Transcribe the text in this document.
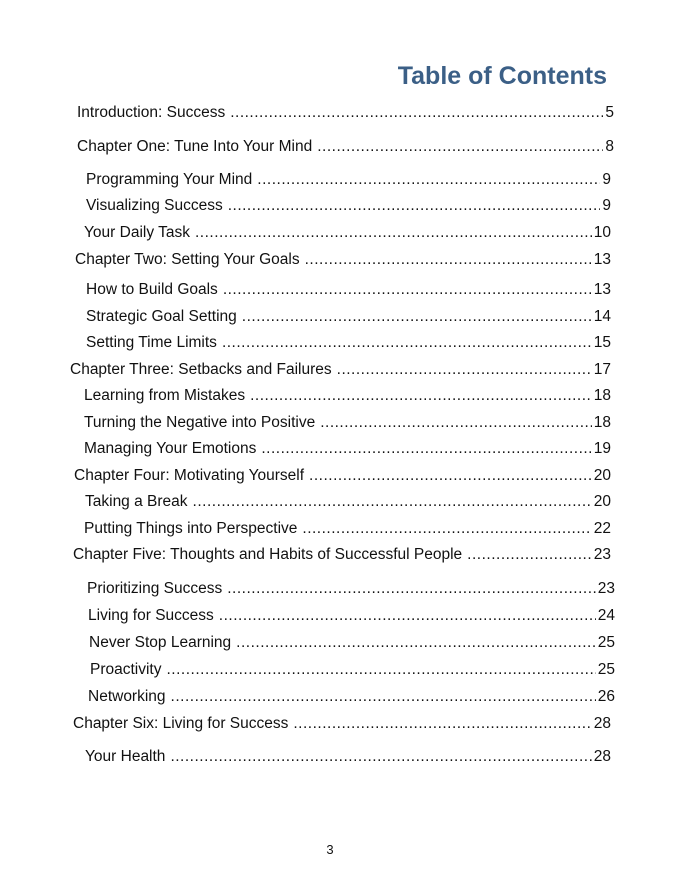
Table of Contents
Introduction: Success .....	5
Chapter One: Tune Into Your Mind .....	8
Programming Your Mind .....	9
Visualizing Success .....	9
Your Daily Task .....	10
Chapter Two: Setting Your Goals .....	13
How to Build Goals .....	13
Strategic Goal Setting .....	14
Setting Time Limits .....	15
Chapter Three: Setbacks and Failures .....	17
Learning from Mistakes .....	18
Turning the Negative into Positive .....	18
Managing Your Emotions .....	19
Chapter Four: Motivating Yourself .....	20
Taking a Break .....	20
Putting Things into Perspective .....	22
Chapter Five: Thoughts and Habits of Successful People .....	23
Prioritizing Success .....	23
Living for Success .....	24
Never Stop Learning .....	25
Proactivity .....	25
Networking .....	26
Chapter Six: Living for Success .....	28
Your Health .....	28
3
